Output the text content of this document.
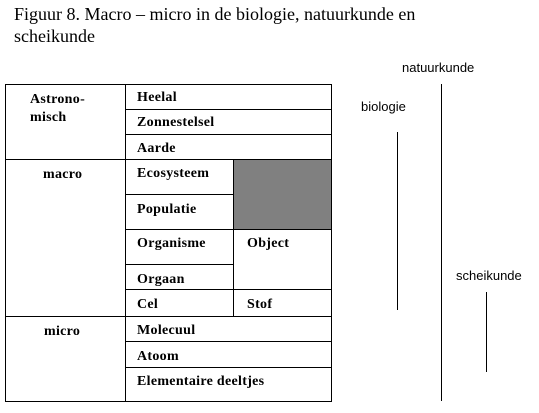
Figuur 8. Macro – micro in de biologie, natuurkunde en scheikunde
Astrono-misch
macro
micro
Heelal
Zonnestelsel
Aarde
Ecosysteem
Populatie
Organisme
Orgaan
Cel
Molecuul
Atoom
Elementaire deeltjes
Object
Stof
natuurkunde
biologie
scheikunde
